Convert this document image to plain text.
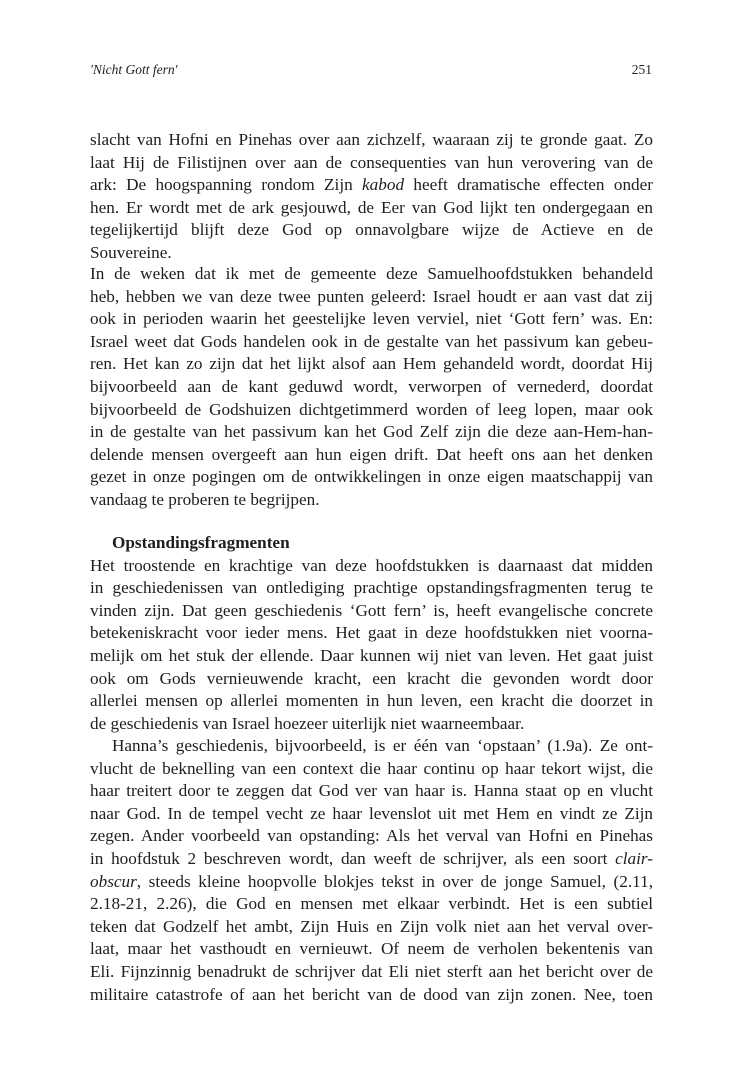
'Nicht Gott fern'	251
slacht van Hofni en Pinehas over aan zichzelf, waaraan zij te gronde gaat. Zo
laat Hij de Filistijnen over aan de consequenties van hun verovering van de
ark: De hoogspanning rondom Zijn kabod heeft dramatische effecten onder
hen. Er wordt met de ark gesjouwd, de Eer van God lijkt ten ondergegaan en
tegelijkertijd blijft deze God op onnavolgbare wijze de Actieve en de
Souvereine.
In de weken dat ik met de gemeente deze Samuelhoofdstukken behandeld
heb, hebben we van deze twee punten geleerd: Israel houdt er aan vast dat zij
ook in perioden waarin het geestelijke leven verviel, niet ‘Gott fern’ was. En:
Israel weet dat Gods handelen ook in de gestalte van het passivum kan gebeu-
ren. Het kan zo zijn dat het lijkt alsof aan Hem gehandeld wordt, doordat Hij
bijvoorbeeld aan de kant geduwd wordt, verworpen of vernederd, doordat
bijvoorbeeld de Godshuizen dichtgetimmerd worden of leeg lopen, maar ook
in de gestalte van het passivum kan het God Zelf zijn die deze aan-Hem-han-
delende mensen overgeeft aan hun eigen drift. Dat heeft ons aan het denken
gezet in onze pogingen om de ontwikkelingen in onze eigen maatschappij van
vandaag te proberen te begrijpen.
Opstandingsfragmenten
Het troostende en krachtige van deze hoofdstukken is daarnaast dat midden
in geschiedenissen van ontlediging prachtige opstandingsfragmenten terug te
vinden zijn. Dat geen geschiedenis ‘Gott fern’ is, heeft evangelische concrete
betekeniskracht voor ieder mens. Het gaat in deze hoofdstukken niet voorna-
melijk om het stuk der ellende. Daar kunnen wij niet van leven. Het gaat juist
ook om Gods vernieuwende kracht, een kracht die gevonden wordt door
allerlei mensen op allerlei momenten in hun leven, een kracht die doorzet in
de geschiedenis van Israel hoezeer uiterlijk niet waarneembaar.
Hanna’s geschiedenis, bijvoorbeeld, is er één van ‘opstaan’ (1.9a). Ze ont-
vlucht de beknelling van een context die haar continu op haar tekort wijst, die
haar treitert door te zeggen dat God ver van haar is. Hanna staat op en vlucht
naar God. In de tempel vecht ze haar levenslot uit met Hem en vindt ze Zijn
zegen. Ander voorbeeld van opstanding: Als het verval van Hofni en Pinehas
in hoofdstuk 2 beschreven wordt, dan weeft de schrijver, als een soort clair-
obscur, steeds kleine hoopvolle blokjes tekst in over de jonge Samuel, (2.11,
2.18-21, 2.26), die God en mensen met elkaar verbindt. Het is een subtiel
teken dat Godzelf het ambt, Zijn Huis en Zijn volk niet aan het verval over-
laat, maar het vasthoudt en vernieuwt. Of neem de verholen bekentenis van
Eli. Fijnzinnig benadrukt de schrijver dat Eli niet sterft aan het bericht over de
militaire catastrofe of aan het bericht van de dood van zijn zonen. Nee, toen
